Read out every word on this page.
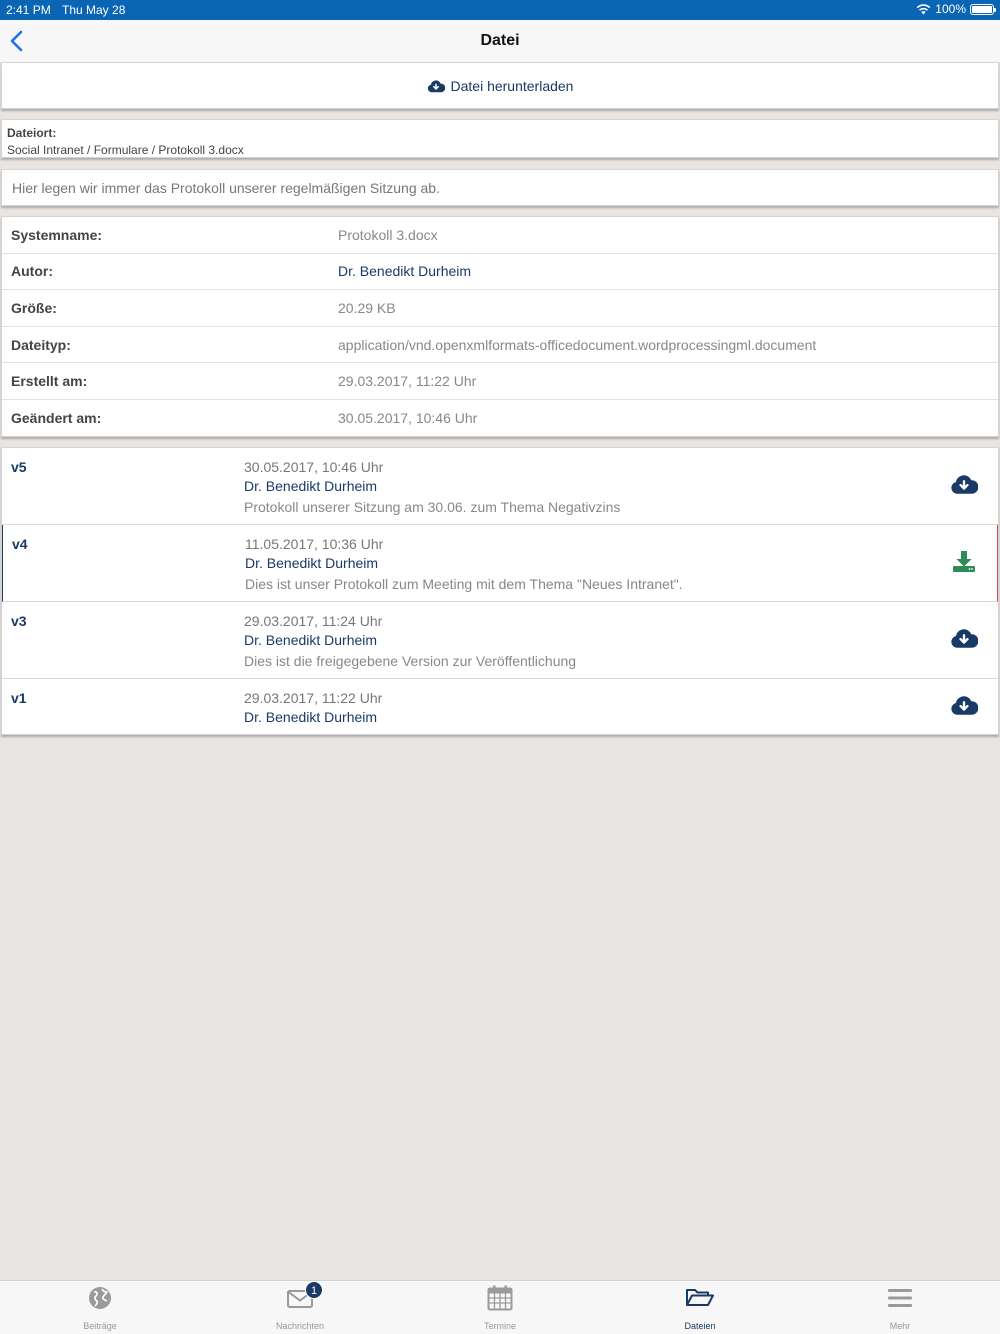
2:41 PM Thu May 28	100%
Datei
Datei herunterladen
Dateiort:
Social Intranet / Formulare / Protokoll 3.docx
Hier legen wir immer das Protokoll unserer regelmäßigen Sitzung ab.
Systemname:	Protokoll 3.docx
Autor:	Dr. Benedikt Durheim
Größe:	20.29 KB
Dateityp:	application/vnd.openxmlformats-officedocument.wordprocessingml.document
Erstellt am:	29.03.2017, 11:22 Uhr
Geändert am:	30.05.2017, 10:46 Uhr
v5	30.05.2017, 10:46 Uhr
Dr. Benedikt Durheim
Protokoll unserer Sitzung am 30.06. zum Thema Negativzins
v4	11.05.2017, 10:36 Uhr
Dr. Benedikt Durheim
Dies ist unser Protokoll zum Meeting mit dem Thema "Neues Intranet".
v3	29.03.2017, 11:24 Uhr
Dr. Benedikt Durheim
Dies ist die freigegebene Version zur Veröffentlichung
v1	29.03.2017, 11:22 Uhr
Dr. Benedikt Durheim
Beiträge	Nachrichten	Termine	Dateien	Mehr
1
